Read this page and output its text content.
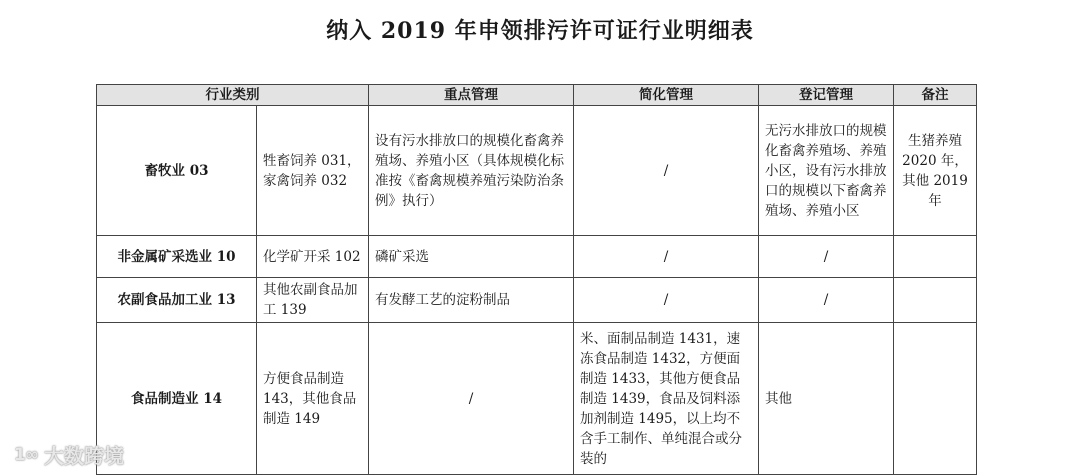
纳入 2019 年申领排污许可证行业明细表
行业类别		重点管理	简化管理	登记管理	备注
畜牧业 03	牲畜饲养 031，家禽饲养 032	设有污水排放口的规模化畜禽养殖场、养殖小区（具体规模化标准按《畜禽规模养殖污染防治条例》执行）	/	无污水排放口的规模化畜禽养殖场、养殖小区，设有污水排放口的规模以下畜禽养殖场、养殖小区	生猪养殖 2020 年，其他 2019 年
非金属矿采选业 10	化学矿开采 102	磷矿采选	/	/	
农副食品加工业 13	其他农副食品加工 139	有发酵工艺的淀粉制品	/	/	
食品制造业 14	方便食品制造 143，其他食品制造 149	/	米、面制品制造 1431，速冻食品制造 1432，方便面制造 1433，其他方便食品制造 1439，食品及饲料添加剂制造 1495，以上均不含手工制作、单纯混合或分装的	其他	
1∞ 大数跨境
